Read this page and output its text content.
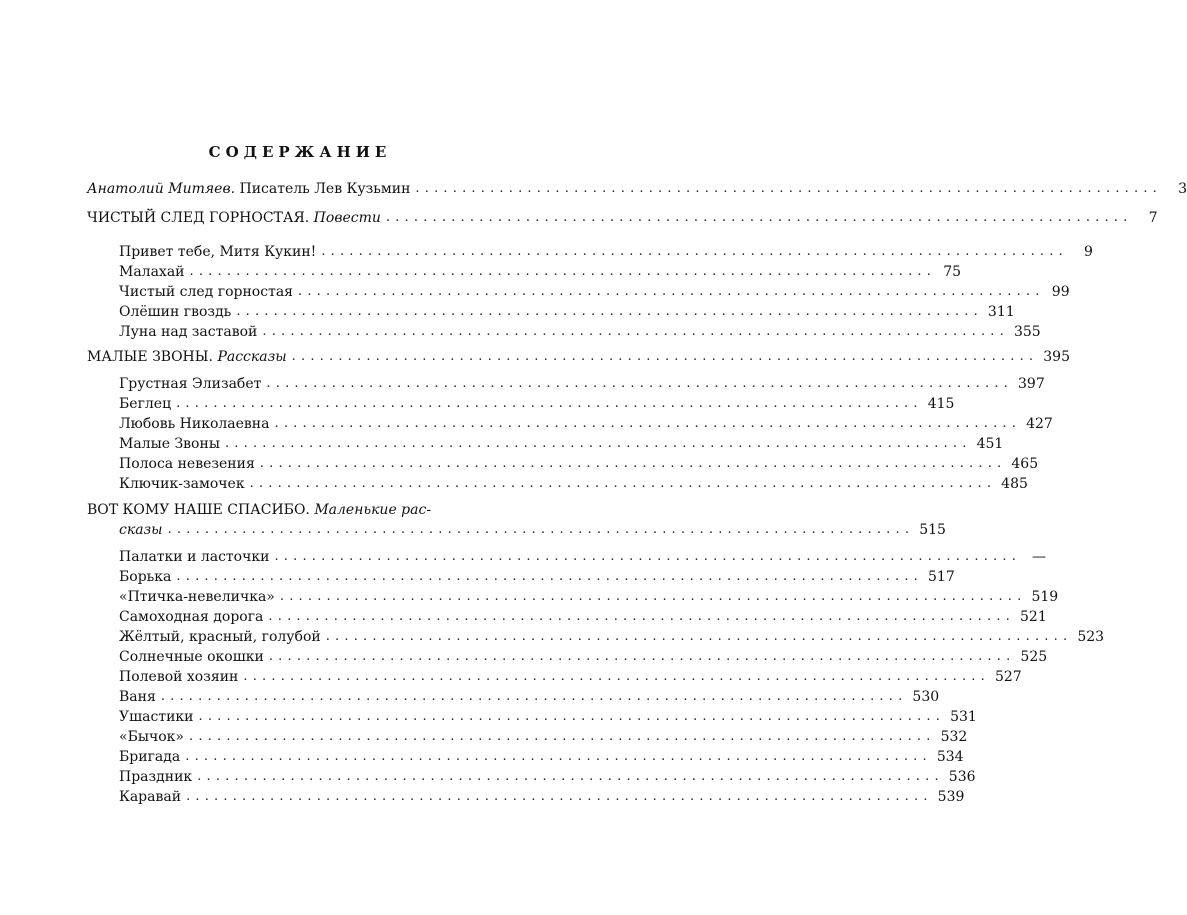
СОДЕРЖАНИЕ
Анатолий Митяев. Писатель Лев Кузьмин ................................................................................	3
ЧИСТЫЙ СЛЕД ГОРНОСТАЯ. Повести ................................................................................	7
Привет тебе, Митя Кукин! ................................................................................	9
Малахай ................................................................................ 75
Чистый след горностая ................................................................................ 99
Олёшин гвоздь ................................................................................ 311
Луна над заставой ................................................................................ 355
МАЛЫЕ ЗВОНЫ. Рассказы ................................................................................ 395
Грустная Элизабет ................................................................................ 397
Беглец ................................................................................ 415
Любовь Николаевна ................................................................................ 427
Малые Звоны ................................................................................ 451
Полоса невезения ................................................................................ 465
Ключик-замочек ................................................................................ 485
ВОТ КОМУ НАШЕ СПАСИБО. Маленькие рас-
сказы ................................................................................ 515
Палатки и ласточки ................................................................................ —
Борька ................................................................................ 517
«Птичка-невеличка» ................................................................................ 519
Самоходная дорога ................................................................................ 521
Жёлтый, красный, голубой ................................................................................ 523
Солнечные окошки ................................................................................ 525
Полевой хозяин ................................................................................ 527
Ваня ................................................................................ 530
Ушастики ................................................................................ 531
«Бычок» ................................................................................ 532
Бригада ................................................................................ 534
Праздник ................................................................................ 536
Каравай ................................................................................ 539
